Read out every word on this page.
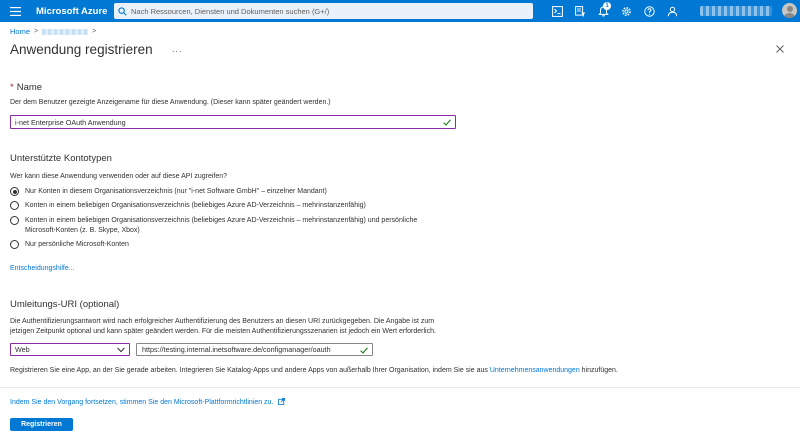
Microsoft Azure
Nach Ressourcen, Diensten und Dokumenten suchen (G+/)	1
Home >	>
Anwendung registrieren ...
* Name
Der dem Benutzer gezeigte Anzeigename für diese Anwendung. (Dieser kann später geändert werden.)
i-net Enterprise OAuth Anwendung
Unterstützte Kontotypen
Wer kann diese Anwendung verwenden oder auf diese API zugreifen?
Nur Konten in diesem Organisationsverzeichnis (nur "i-net Software GmbH" – einzelner Mandant)
Konten in einem beliebigen Organisationsverzeichnis (beliebiges Azure AD-Verzeichnis – mehrinstanzenfähig)
Konten in einem beliebigen Organisationsverzeichnis (beliebiges Azure AD-Verzeichnis – mehrinstanzenfähig) und persönliche
Microsoft-Konten (z. B. Skype, Xbox)
Nur persönliche Microsoft-Konten
Entscheidungshilfe...
Umleitungs-URI (optional)
Die Authentifizierungsantwort wird nach erfolgreicher Authentifizierung des Benutzers an diesen URI zurückgegeben. Die Angabe ist zum
jetzigen Zeitpunkt optional und kann später geändert werden. Für die meisten Authentifizierungsszenarien ist jedoch ein Wert erforderlich.
Web
https://testing.internal.inetsoftware.de/configmanager/oauth
Registrieren Sie eine App, an der Sie gerade arbeiten. Integrieren Sie Katalog-Apps und andere Apps von außerhalb Ihrer Organisation, indem Sie sie aus Unternehmensanwendungen hinzufügen.
Indem Sie den Vorgang fortsetzen, stimmen Sie den Microsoft-Plattformrichtlinien zu.
Registrieren
